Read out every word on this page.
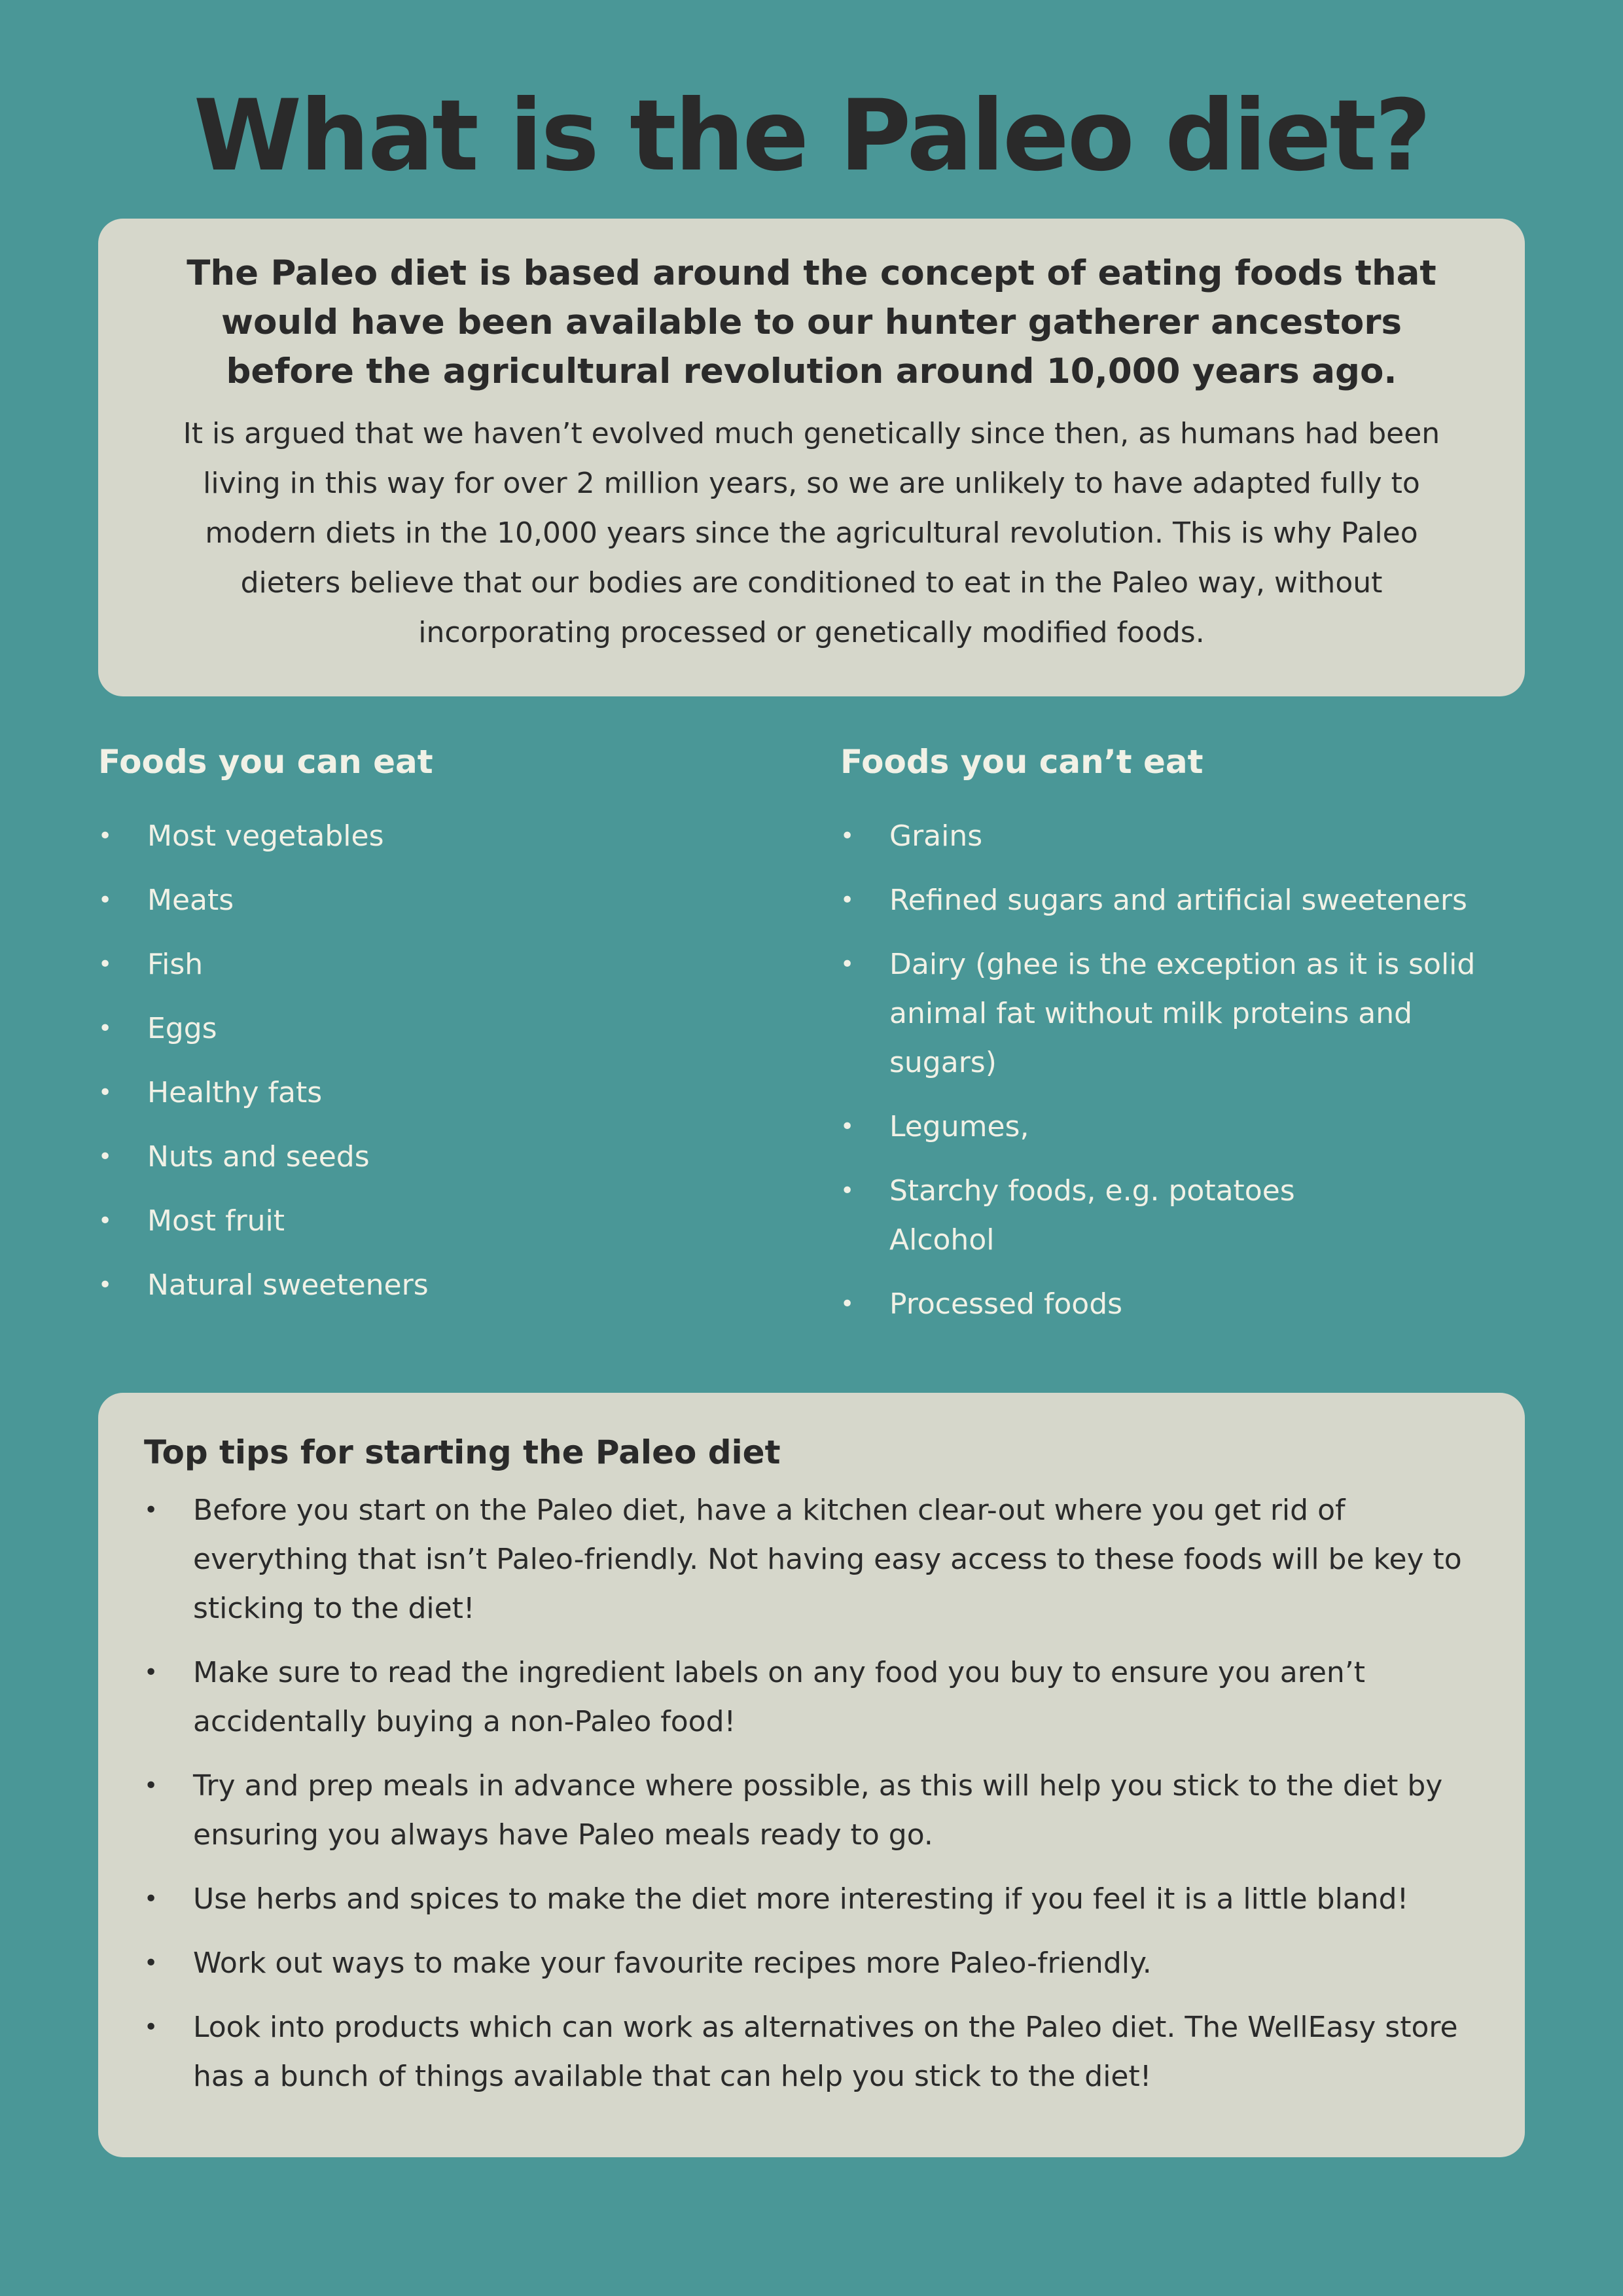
What is the Paleo diet?

The Paleo diet is based around the concept of eating foods that would have been available to our hunter gatherer ancestors before the agricultural revolution around 10,000 years ago.

It is argued that we haven’t evolved much genetically since then, as humans had been living in this way for over 2 million years, so we are unlikely to have adapted fully to modern diets in the 10,000 years since the agricultural revolution. This is why Paleo dieters believe that our bodies are conditioned to eat in the Paleo way, without incorporating processed or genetically modified foods.

Foods you can eat
• Most vegetables
• Meats
• Fish
• Eggs
• Healthy fats
• Nuts and seeds
• Most fruit
• Natural sweeteners
Foods you can’t eat
• Grains
• Refined sugars and artificial sweeteners
• Dairy (ghee is the exception as it is solid animal fat without milk proteins and sugars)
• Legumes,
• Starchy foods, e.g. potatoes
Alcohol
• Processed foods
Top tips for starting the Paleo diet
• Before you start on the Paleo diet, have a kitchen clear-out where you get rid of everything that isn’t Paleo-friendly. Not having easy access to these foods will be key to sticking to the diet!
• Make sure to read the ingredient labels on any food you buy to ensure you aren’t accidentally buying a non-Paleo food!
• Try and prep meals in advance where possible, as this will help you stick to the diet by ensuring you always have Paleo meals ready to go.
• Use herbs and spices to make the diet more interesting if you feel it is a little bland!
• Work out ways to make your favourite recipes more Paleo-friendly.
• Look into products which can work as alternatives on the Paleo diet. The WellEasy store has a bunch of things available that can help you stick to the diet!
